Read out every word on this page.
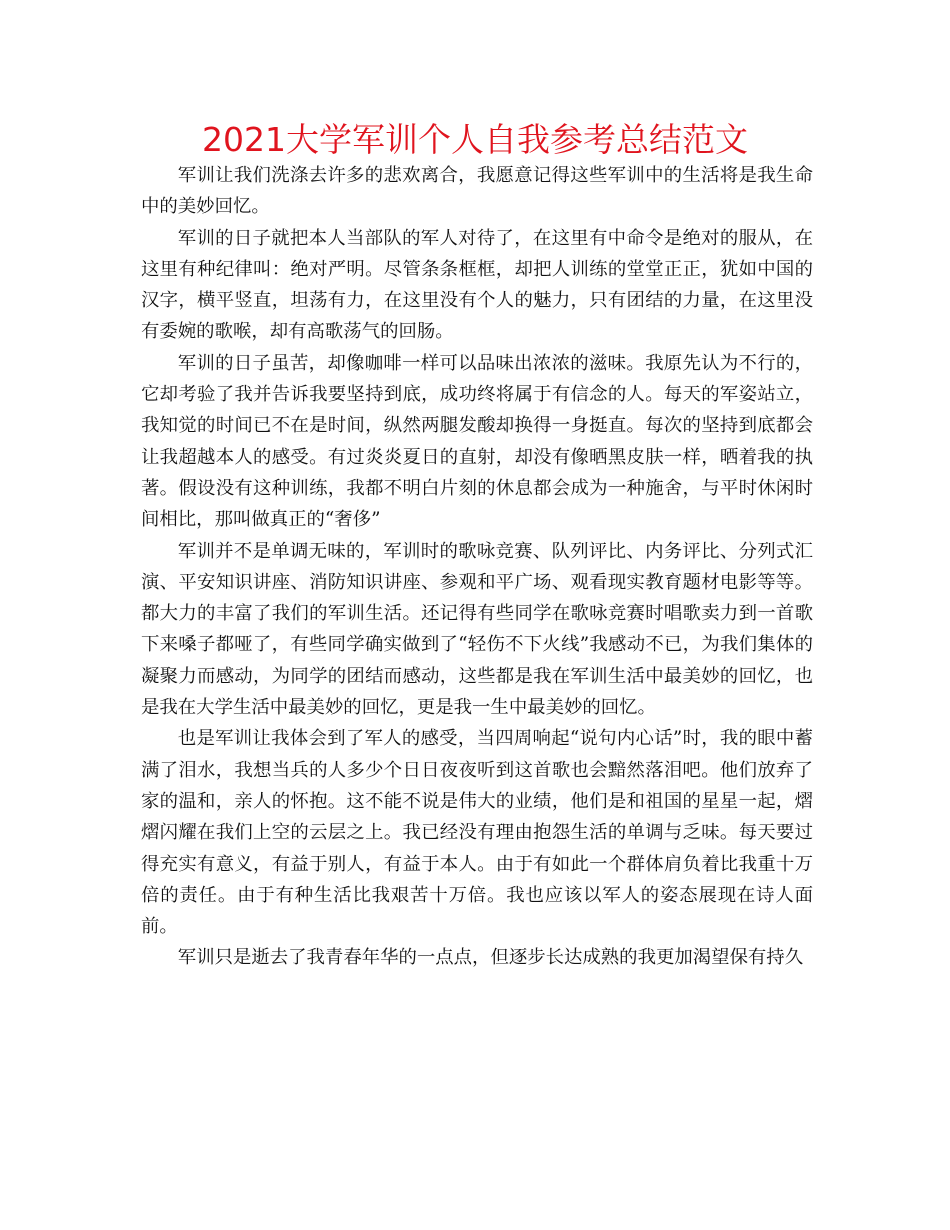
2021大学军训个人自我参考总结范文

军训让我们洗涤去许多的悲欢离合，我愿意记得这些军训中的生活将是我生命中的美妙回忆。

军训的日子就把本人当部队的军人对待了，在这里有中命令是绝对的服从，在这里有种纪律叫：绝对严明。尽管条条框框，却把人训练的堂堂正正，犹如中国的汉字，横平竖直，坦荡有力，在这里没有个人的魅力，只有团结的力量，在这里没有委婉的歌喉，却有高歌荡气的回肠。

军训的日子虽苦，却像咖啡一样可以品味出浓浓的滋味。我原先认为不行的，它却考验了我并告诉我要坚持到底，成功终将属于有信念的人。每天的军姿站立，我知觉的时间已不在是时间，纵然两腿发酸却换得一身挺直。每次的坚持到底都会让我超越本人的感受。有过炎炎夏日的直射，却没有像晒黑皮肤一样，晒着我的执著。假设没有这种训练，我都不明白片刻的休息都会成为一种施舍，与平时休闲时间相比，那叫做真正的“奢侈”

军训并不是单调无味的，军训时的歌咏竞赛、队列评比、内务评比、分列式汇演、平安知识讲座、消防知识讲座、参观和平广场、观看现实教育题材电影等等。都大力的丰富了我们的军训生活。还记得有些同学在歌咏竞赛时唱歌卖力到一首歌下来嗓子都哑了，有些同学确实做到了“轻伤不下火线”我感动不已，为我们集体的凝聚力而感动，为同学的团结而感动，这些都是我在军训生活中最美妙的回忆，也是我在大学生活中最美妙的回忆，更是我一生中最美妙的回忆。

也是军训让我体会到了军人的感受，当四周响起“说句内心话”时，我的眼中蓄满了泪水，我想当兵的人多少个日日夜夜听到这首歌也会黯然落泪吧。他们放弃了家的温和，亲人的怀抱。这不能不说是伟大的业绩，他们是和祖国的星星一起，熠熠闪耀在我们上空的云层之上。我已经没有理由抱怨生活的单调与乏味。每天要过得充实有意义，有益于别人，有益于本人。由于有如此一个群体肩负着比我重十万倍的责任。由于有种生活比我艰苦十万倍。我也应该以军人的姿态展现在诗人面前。

军训只是逝去了我青春年华的一点点，但逐步长达成熟的我更加渴望保有持久
